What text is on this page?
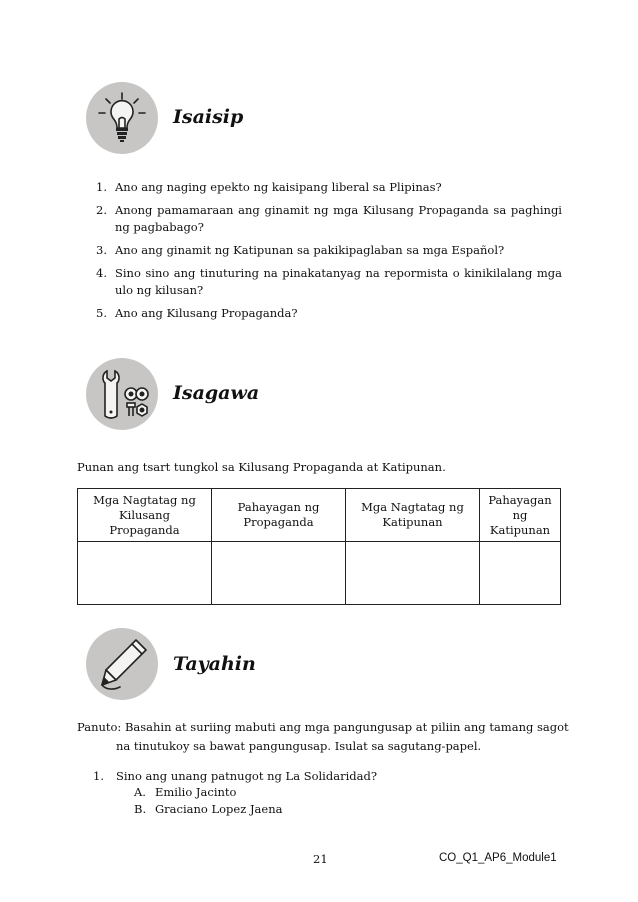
Isaisip
1. Ano ang naging epekto ng kaisipang liberal sa Plipinas?
2. Anong pamamaraan ang ginamit ng mga Kilusang Propaganda sa paghingi ng pagbabago?
3. Ano ang ginamit ng Katipunan sa pakikipaglaban sa mga Español?
4. Sino sino ang tinuturing na pinakatanyag na repormista o kinikilalang mga ulo ng kilusan?
5. Ano ang Kilusang Propaganda?
Isagawa
Punan ang tsart tungkol sa Kilusang Propaganda at Katipunan.
Mga Nagtatag ng Kilusang Propaganda	Pahayagan ng Propaganda	Mga Nagtatag ng Katipunan	Pahayagan ng Katipunan

Tayahin
Panuto: Basahin at suriing mabuti ang mga pangungusap at piliin ang tamang sagot
na tinutukoy sa bawat pangungusap. Isulat sa sagutang-papel.
1. Sino ang unang patnugot ng La Solidaridad?
A. Emilio Jacinto
B. Graciano Lopez Jaena
21	CO_Q1_AP6_Module1
